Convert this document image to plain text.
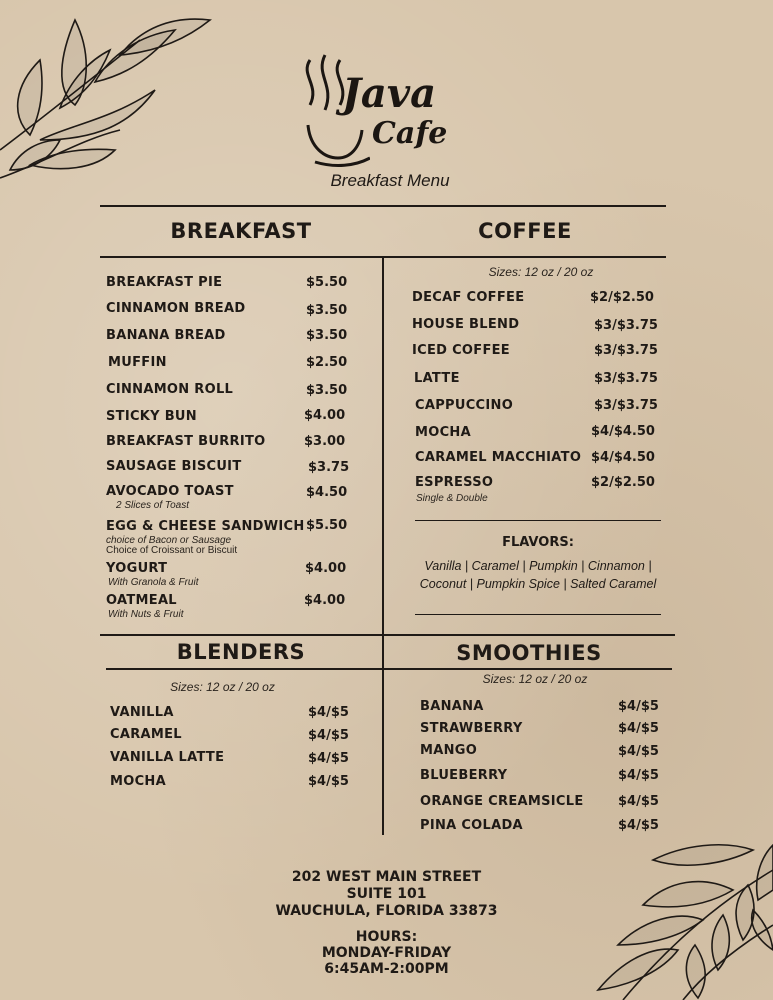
Java
Cafe
Breakfast Menu
BREAKFAST	COFFEE
BLENDERS	SMOOTHIES
Sizes: 12 oz / 20 oz
Sizes: 12 oz / 20 oz
Sizes: 12 oz / 20 oz
BREAKFAST PIE	$5.50
CINNAMON BREAD	$3.50
BANANA BREAD	$3.50
MUFFIN	$2.50
CINNAMON ROLL	$3.50
STICKY BUN	$4.00
BREAKFAST BURRITO	$3.00
SAUSAGE BISCUIT	$3.75
AVOCADO TOAST	$4.50
2 Slices of Toast
EGG & CHEESE SANDWICH $5.50
choice of Bacon or Sausage
Choice of Croissant or Biscuit
YOGURT	$4.00
With Granola & Fruit
OATMEAL	$4.00
With Nuts & Fruit
DECAF COFFEE	$2/$2.50
HOUSE BLEND	$3/$3.75
ICED COFFEE	$3/$3.75
LATTE	$3/$3.75
CAPPUCCINO	$3/$3.75
MOCHA	$4/$4.50
CARAMEL MACCHIATO $4/$4.50
ESPRESSO	$2/$2.50
Single & Double
FLAVORS:
Vanilla | Caramel | Pumpkin | Cinnamon |
Coconut | Pumpkin Spice | Salted Caramel
VANILLA	$4/$5
CARAMEL	$4/$5
VANILLA LATTE	$4/$5
MOCHA	$4/$5
BANANA	$4/$5
STRAWBERRY	$4/$5
MANGO	$4/$5
BLUEBERRY	$4/$5
ORANGE CREAMSICLE	$4/$5
PINA COLADA	$4/$5
202 WEST MAIN STREET
SUITE 101
WAUCHULA, FLORIDA 33873
HOURS:
MONDAY-FRIDAY
6:45AM-2:00PM
